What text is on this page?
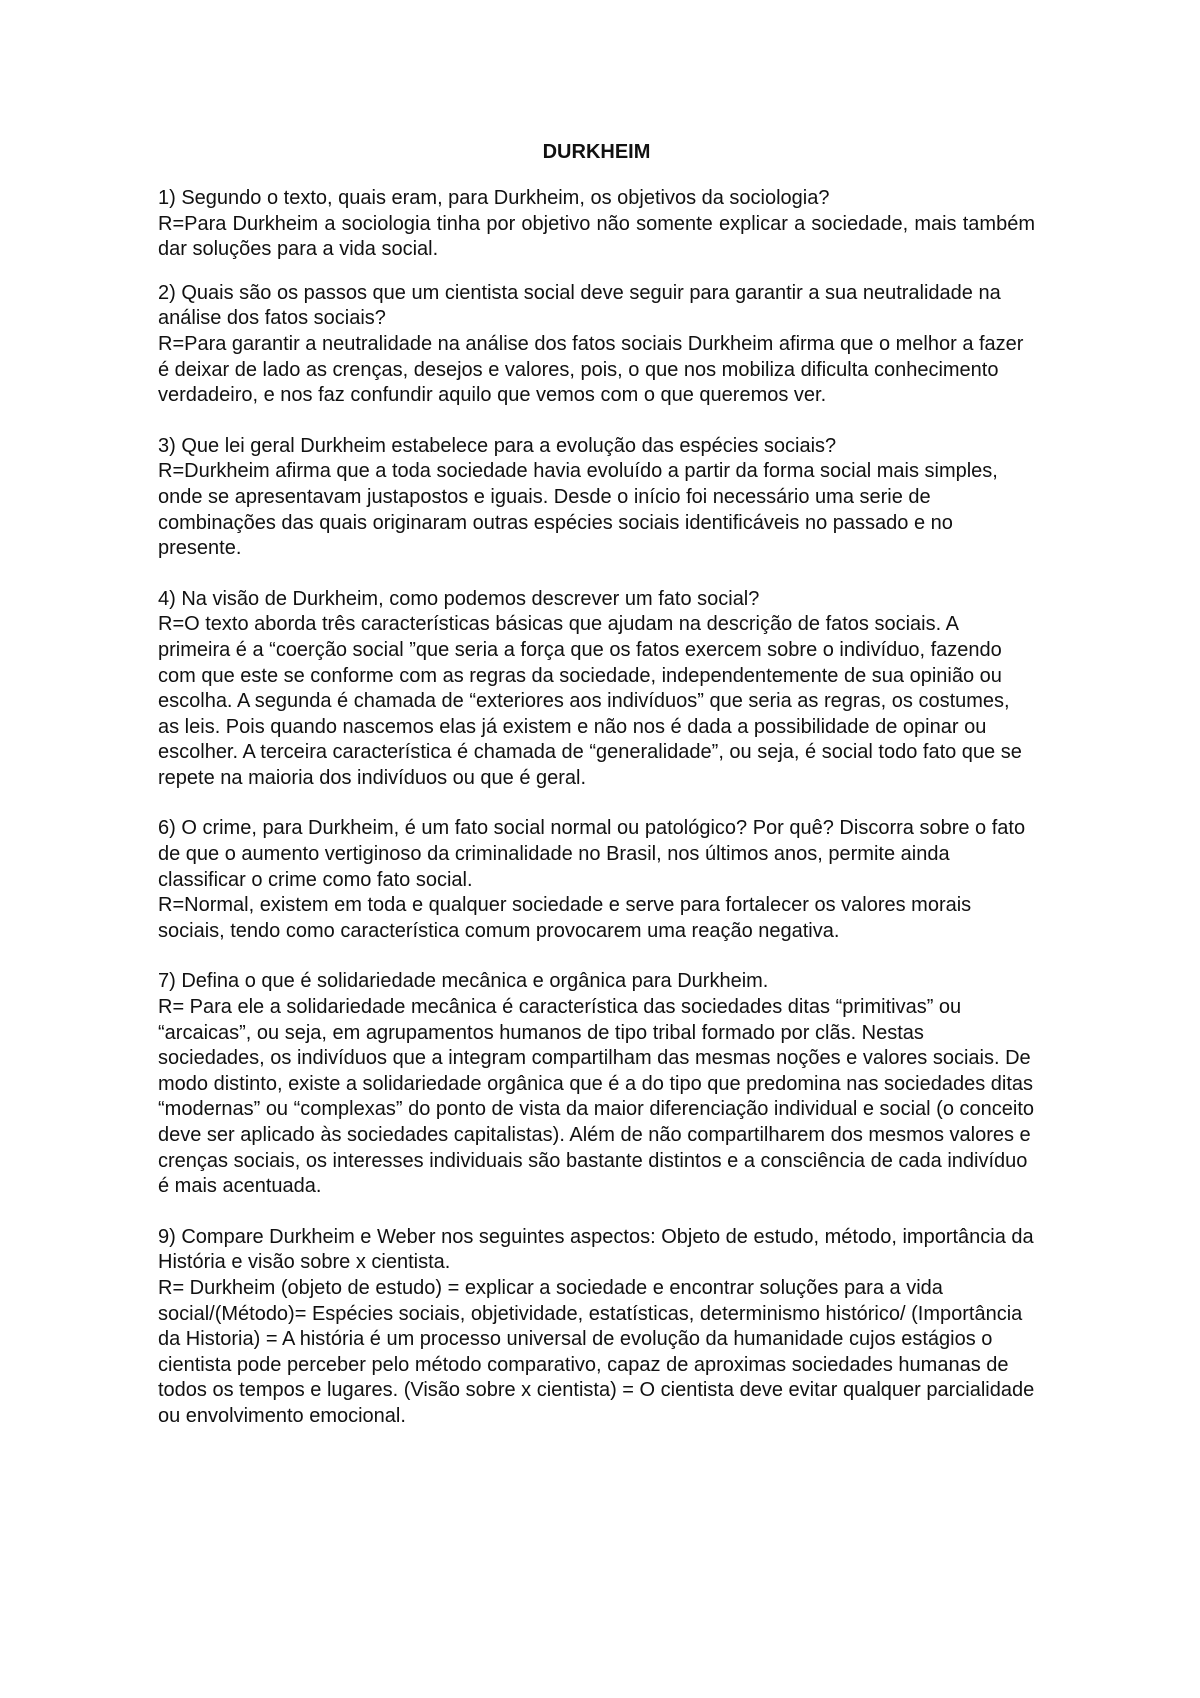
DURKHEIM

1) Segundo o texto, quais eram, para Durkheim, os objetivos da sociologia?

R=Para Durkheim a sociologia tinha por objetivo não somente explicar a sociedade, mais também dar soluções para a vida social.

2) Quais são os passos que um cientista social deve seguir para garantir a sua neutralidade na análise dos fatos sociais?

R=Para garantir a neutralidade na análise dos fatos sociais Durkheim afirma que o melhor a fazer é deixar de lado as crenças, desejos e valores, pois, o que nos mobiliza dificulta conhecimento verdadeiro, e nos faz confundir aquilo que vemos com o que queremos ver.

3) Que lei geral Durkheim estabelece para a evolução das espécies sociais?

R=Durkheim afirma que a toda sociedade havia evoluído a partir da forma social mais simples, onde se apresentavam justapostos e iguais. Desde o início foi necessário uma serie de combinações das quais originaram outras espécies sociais identificáveis no passado e no presente.

4) Na visão de Durkheim, como podemos descrever um fato social?

R=O texto aborda três características básicas que ajudam na descrição de fatos sociais. A primeira é a “coerção social ”que seria a força que os fatos exercem sobre o indivíduo, fazendo com que este se conforme com as regras da sociedade, independentemente de sua opinião ou escolha. A segunda é chamada de “exteriores aos indivíduos” que seria as regras, os costumes, as leis. Pois quando nascemos elas já existem e não nos é dada a possibilidade de opinar ou escolher. A terceira característica é chamada de “generalidade”, ou seja, é social todo fato que se repete na maioria dos indivíduos ou que é geral.

6) O crime, para Durkheim, é um fato social normal ou patológico? Por quê? Discorra sobre o fato de que o aumento vertiginoso da criminalidade no Brasil, nos últimos anos, permite ainda classificar o crime como fato social.

R=Normal, existem em toda e qualquer sociedade e serve para fortalecer os valores morais sociais, tendo como característica comum provocarem uma reação negativa.

7) Defina o que é solidariedade mecânica e orgânica para Durkheim.

R= Para ele a solidariedade mecânica é característica das sociedades ditas “primitivas” ou “arcaicas”, ou seja, em agrupamentos humanos de tipo tribal formado por clãs. Nestas sociedades, os indivíduos que a integram compartilham das mesmas noções e valores sociais. De modo distinto, existe a solidariedade orgânica que é a do tipo que predomina nas sociedades ditas “modernas” ou “complexas” do ponto de vista da maior diferenciação individual e social (o conceito deve ser aplicado às sociedades capitalistas). Além de não compartilharem dos mesmos valores e crenças sociais, os interesses individuais são bastante distintos e a consciência de cada indivíduo é mais acentuada.

9) Compare Durkheim e Weber nos seguintes aspectos: Objeto de estudo, método, importância da História e visão sobre x cientista.

R= Durkheim (objeto de estudo) = explicar a sociedade e encontrar soluções para a vida social/(Método)= Espécies sociais, objetividade, estatísticas, determinismo histórico/ (Importância da Historia) = A história é um processo universal de evolução da humanidade cujos estágios o cientista pode perceber pelo método comparativo, capaz de aproximas sociedades humanas de todos os tempos e lugares. (Visão sobre x cientista) = O cientista deve evitar qualquer parcialidade ou envolvimento emocional.
